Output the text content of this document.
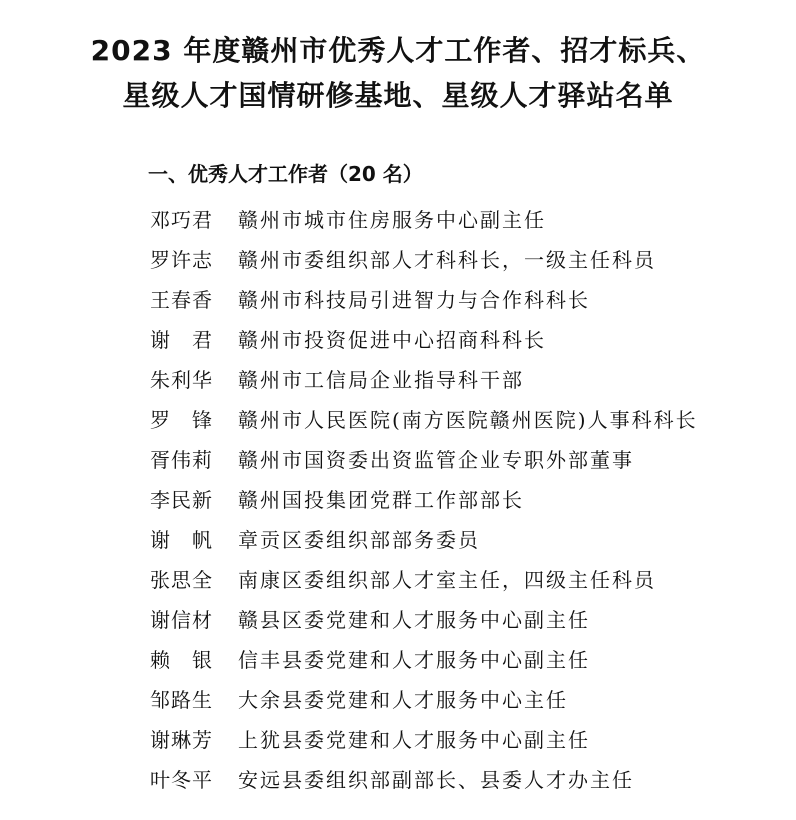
2023 年度赣州市优秀人才工作者、招才标兵、
星级人才国情研修基地、星级人才驿站名单
一、优秀人才工作者（20 名）
邓巧君	赣州市城市住房服务中心副主任
罗许志	赣州市委组织部人才科科长，一级主任科员
王春香	赣州市科技局引进智力与合作科科长
谢　君	赣州市投资促进中心招商科科长
朱利华	赣州市工信局企业指导科干部
罗　锋	赣州市人民医院(南方医院赣州医院)人事科科长
胥伟莉	赣州市国资委出资监管企业专职外部董事
李民新	赣州国投集团党群工作部部长
谢　帆	章贡区委组织部部务委员
张思全	南康区委组织部人才室主任，四级主任科员
谢信材	赣县区委党建和人才服务中心副主任
赖　银	信丰县委党建和人才服务中心副主任
邹路生	大余县委党建和人才服务中心主任
谢琳芳	上犹县委党建和人才服务中心副主任
叶冬平	安远县委组织部副部长、县委人才办主任
